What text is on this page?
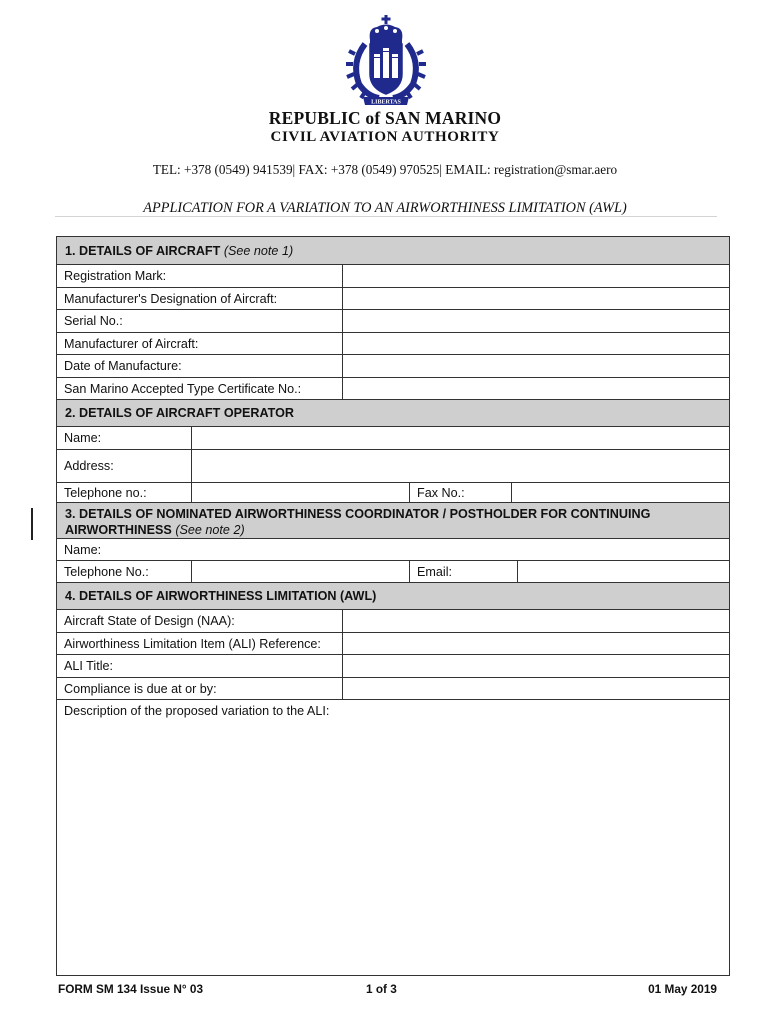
LIBERTAS
REPUBLIC of SAN MARINO
CIVIL AVIATION AUTHORITY
TEL: +378 (0549) 941539| FAX: +378 (0549) 970525| EMAIL: registration@smar.aero
APPLICATION FOR A VARIATION TO AN AIRWORTHINESS LIMITATION (AWL)
1. DETAILS OF AIRCRAFT
(See note 1)
Registration Mark:
Manufacturer's Designation of Aircraft:
Serial No.:
Manufacturer of Aircraft:
Date of Manufacture:
San Marino Accepted Type Certificate No.:
2. DETAILS OF AIRCRAFT OPERATOR
Name:
Address:
Telephone no.:	Fax No.:
3. DETAILS OF NOMINATED AIRWORTHINESS COORDINATOR / POSTHOLDER FOR CONTINUING
AIRWORTHINESS (See note 2)
Name:
Telephone No.:	Email:
4. DETAILS OF AIRWORTHINESS LIMITATION (AWL)
Aircraft State of Design (NAA):
Airworthiness Limitation Item (ALI) Reference:
ALI Title:
Compliance is due at or by:
Description of the proposed variation to the ALI:
FORM SM 134 Issue N° 03	1 of 3	01 May 2019
